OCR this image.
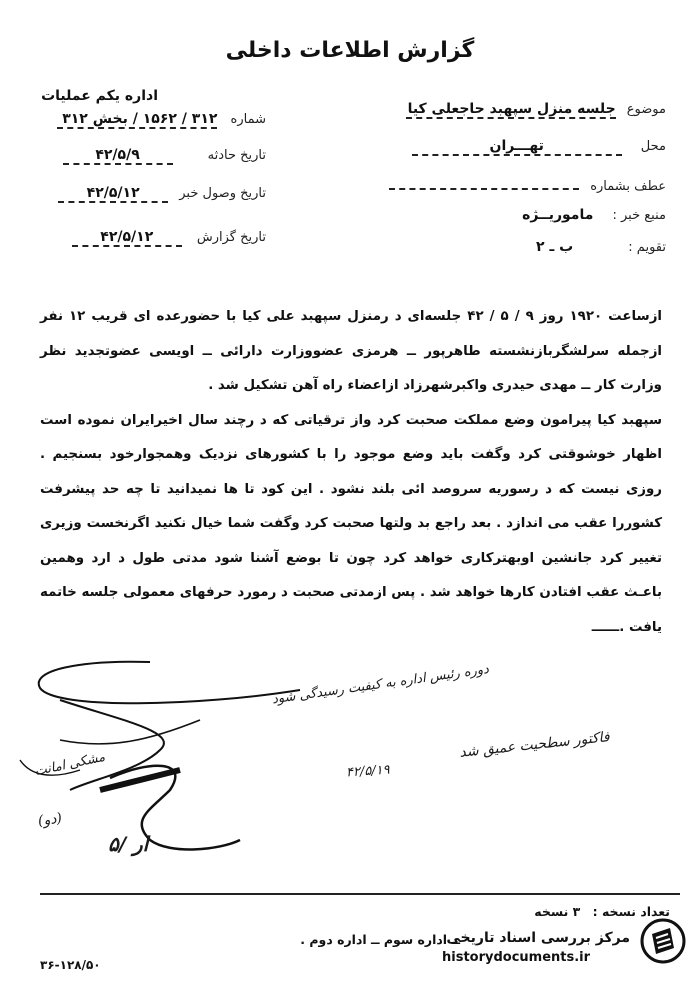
گزارش اطلاعات داخلی
موضوع جلسه منزل سپهبد حاجعلی کیا
محل تهـــران
عطف بشماره
منبع خبر : ماموریــژه
تقویم : ب ـ ۲
اداره یکم عملیات
شماره ۳۱۲ / ۱۵۶۲ / بخش ۳۱۲
تاریخ حادثه ۴۲/۵/۹
تاریخ وصول خبر ۴۲/۵/۱۲
تاریخ گزارش ۴۲/۵/۱۲

ازساعت ۱۹۲۰ روز ۹ / ۵ / ۴۲ جلسه‌ای د رمنزل سپهبد علی کیا با حضورعده ای قریب ۱۲ نفر ازجمله سرلشگربازنشسته طاهرپور ــ هرمزی عضووزارت دارائی ــ اویسی عضوتجدید نظر وزارت کار ــ مهدی حیدری واکبرشهرزاد ازاعضاء راه آهن تشکیل شد .

سپهبد کیا پیرامون وضع مملکت صحبت کرد واز ترقیاتی که د رچند سال اخیرایران نموده است اظهار خوشوقتی کرد وگفت باید وضع موجود را با کشورهای نزدیک وهمجوارخود بسنجیم . روزی نیست که د رسوریه سروصد ائی بلند نشود . این کود تا ها نمیدانید تا چه حد پیشرفت کشوررا عقب می اندازد . بعد راجع بد ولتها صحبت کرد وگفت شما خیال نکنید اگرنخست وزیری تغییر کرد جانشین اوبهترکاری خواهد کرد چون تا بوضع آشنا شود مدتی طول د ارد وهمین باعـث عقب افتادن کارها خواهد شد . پس ازمدتی صحبت د رمورد حرفهای معمولی جلسه خاتمه یافت .ــــــ

دوره رئیس اداره به کیفیت رسیدگی شود
فاکتور سطحیت عمیق شد
۴۲/۵/۱۹
مشکی امانت
(دو)
۵/ ار
تعداد نسخه : ۳ نسخه
ــ اداره سوم ــ اداره دوم .
۳۶-۱۲۸/۵۰
مرکز بررسی اسناد تاریخی
historydocuments.ir
